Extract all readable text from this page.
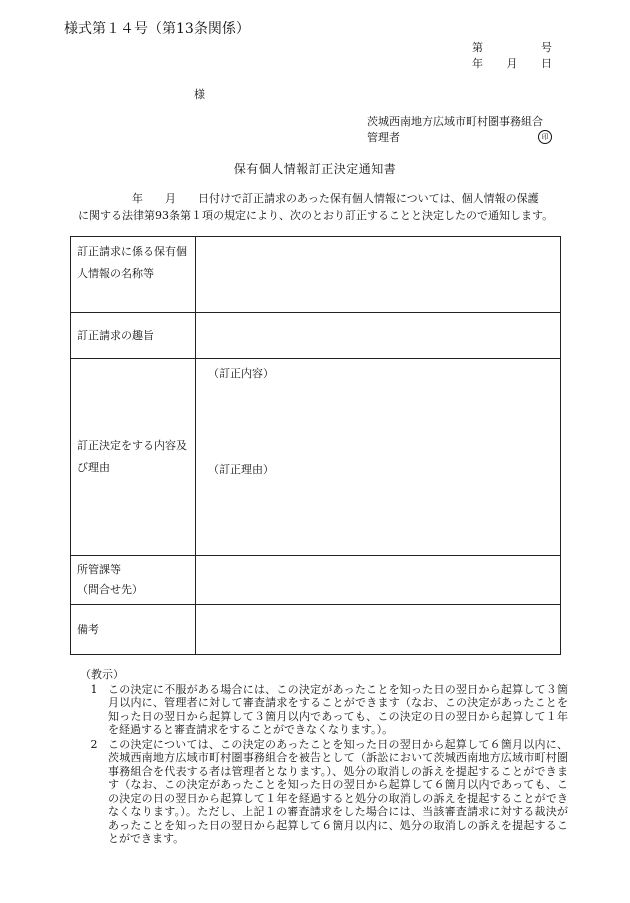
様式第１４号（第13条関係）
第	号
年 月 日
様
茨城西南地方広域市町村圏事務組合
管理者	印
保有個人情報訂正決定通知書
年 月 日付けで訂正請求のあった保有個人情報については、個人情報の保護
に関する法律第93条第１項の規定により、次のとおり訂正することと決定したので通知します。
訂正請求に係る保有個人情報の名称等	
訂正請求の趣旨	
訂正決定をする内容及び理由	（訂正内容）
（訂正理由）

所管課等
（問合せ先）	

備考	
（教示）
1 この決定に不服がある場合には、この決定があったことを知った日の翌日から起算して３箇月以内に、管理者に対して審査請求をすることができます（なお、この決定があったことを知った日の翌日から起算して３箇月以内であっても、この決定の日の翌日から起算して１年を経過すると審査請求をすることができなくなります。）。
2 この決定については、この決定のあったことを知った日の翌日から起算して６箇月以内に、茨城西南地方広域市町村圏事務組合を被告として（訴訟において茨城西南地方広域市町村圏事務組合を代表する者は管理者となります。）、処分の取消しの訴えを提起することができます（なお、この決定があったことを知った日の翌日から起算して６箇月以内であっても、この決定の日の翌日から起算して１年を経過すると処分の取消しの訴えを提起することができなくなります。）。ただし、上記１の審査請求をした場合には、当該審査請求に対する裁決があったことを知った日の翌日から起算して６箇月以内に、処分の取消しの訴えを提起することができます。
